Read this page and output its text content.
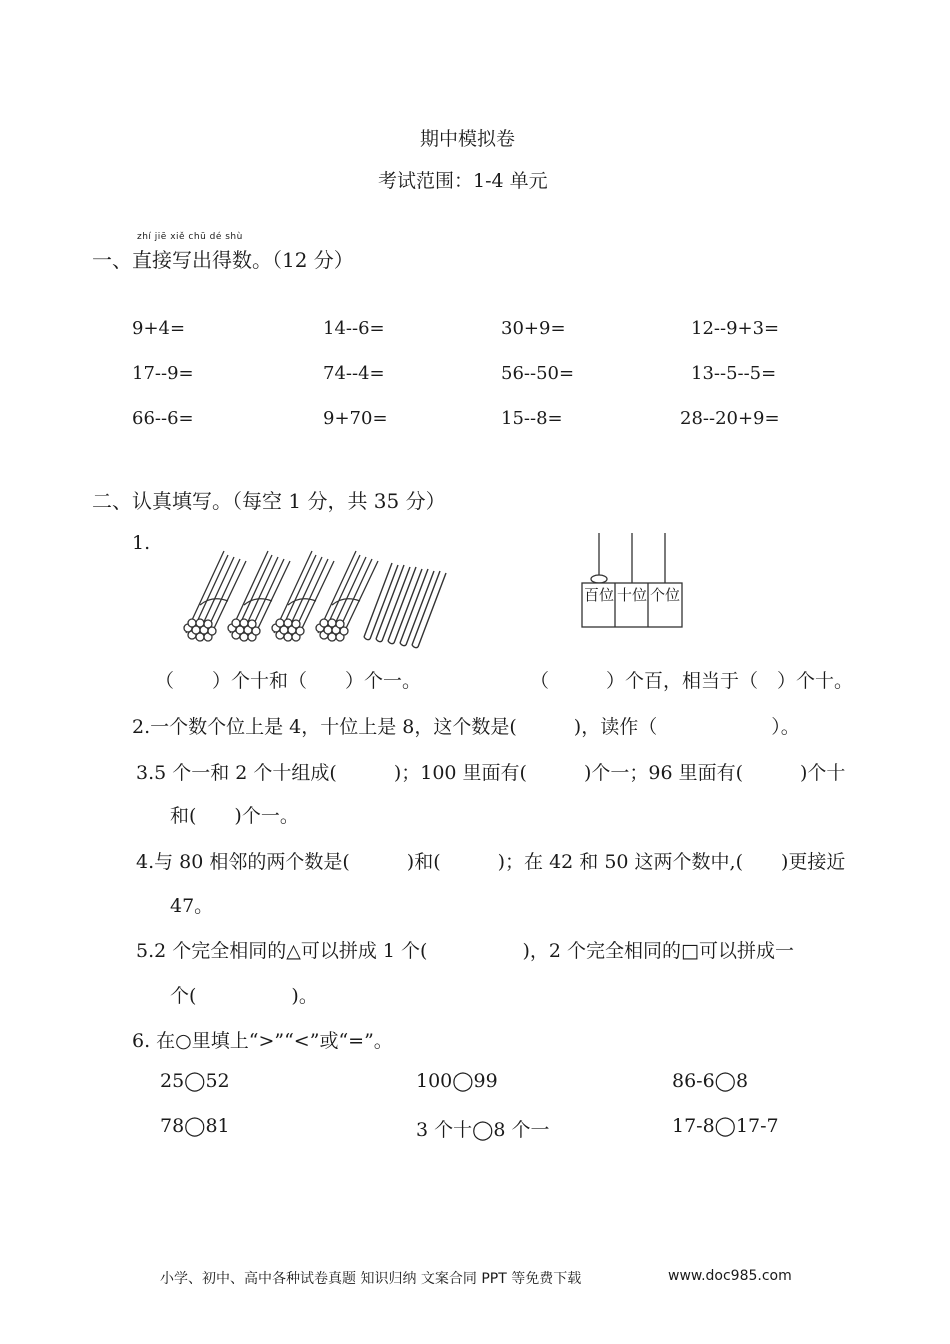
期中模拟卷
考试范围：1-4 单元
zhí jiē xiě chū dé shù
一、直接写出得数。（12 分）
9+4=	14--6=	30+9=	12--9+3=
17--9=	74--4=	56--50=	13--5--5=
66--6=	9+70=	15--8=	28--20+9=
二、认真填写。（每空 1 分，共 35 分）
1.
百位 十位 个位
（　　）个十和（　　）个一。	（　　　）个百，相当于（　）个十。
2.一个数个位上是 4，十位上是 8，这个数是(　　　)，读作（　　　　　　）。
3.5 个一和 2 个十组成(　　　)；100 里面有(　　　)个一；96 里面有(　　　)个十
和(　　)个一。
4.与 80 相邻的两个数是(　　　)和(　　　)；在 42 和 50 这两个数中,(　　)更接近
47。
5.2 个完全相同的△可以拼成 1 个(　　　　　)，2 个完全相同的□可以拼成一
个(　　　　　)。
6. 在○里填上“>”“<”或“=”。
25◯52	100◯99	86-6◯8
78◯81	3 个十◯8 个一	17-8◯17-7
小学、初中、高中各种试卷真题 知识归纳 文案合同 PPT 等免费下载	www.doc985.com
